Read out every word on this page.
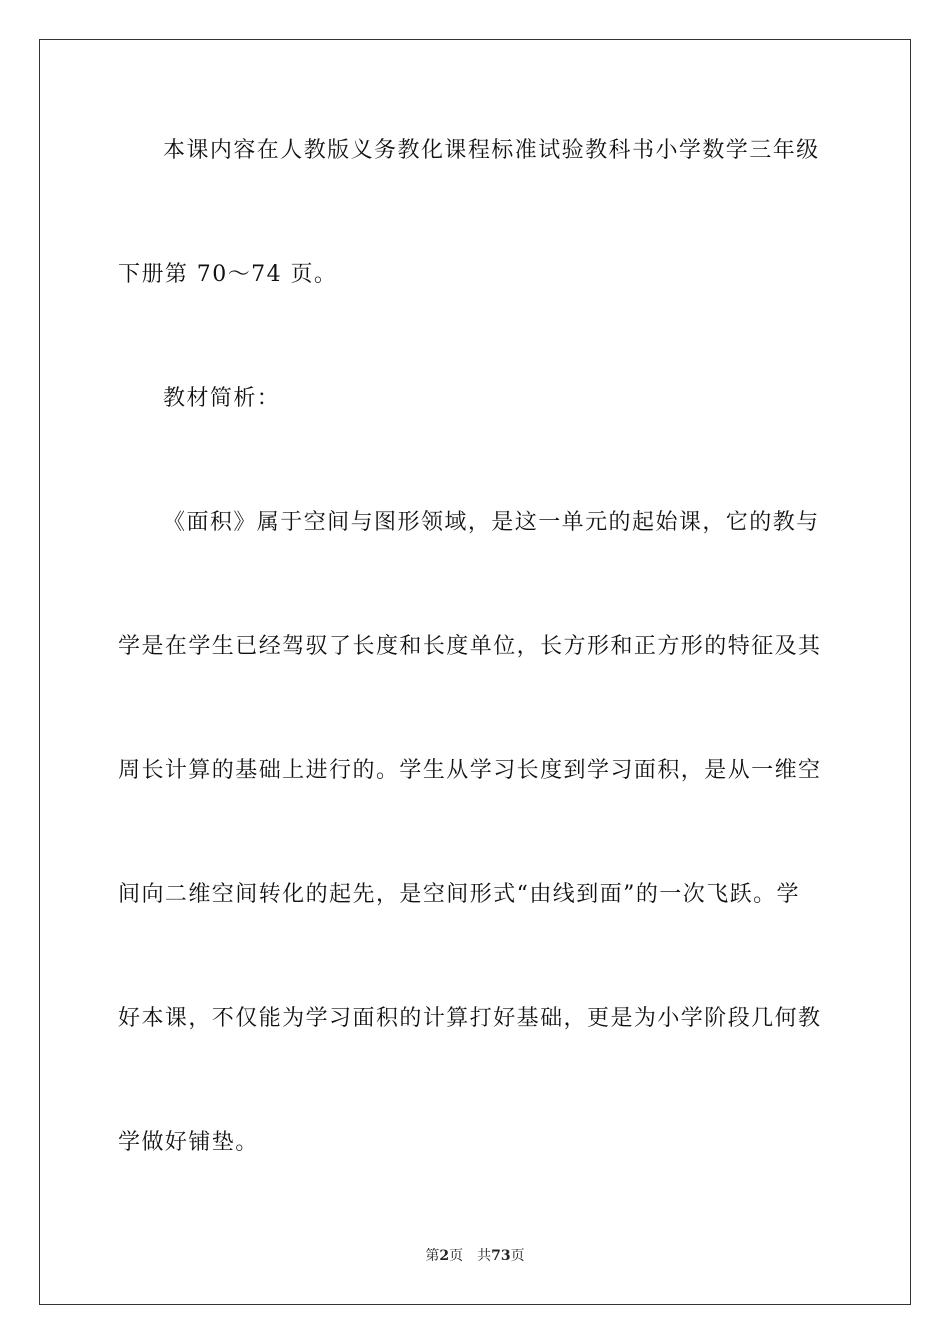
本课内容在人教版义务教化课程标准试验教科书小学数学三年级
下册第 70～74 页。
教材简析：
《面积》属于空间与图形领域，是这一单元的起始课，它的教与
学是在学生已经驾驭了长度和长度单位，长方形和正方形的特征及其
周长计算的基础上进行的。学生从学习长度到学习面积，是从一维空
间向二维空间转化的起先，是空间形式“由线到面”的一次飞跃。学
好本课，不仅能为学习面积的计算打好基础，更是为小学阶段几何教
学做好铺垫。
第2页 共73页
